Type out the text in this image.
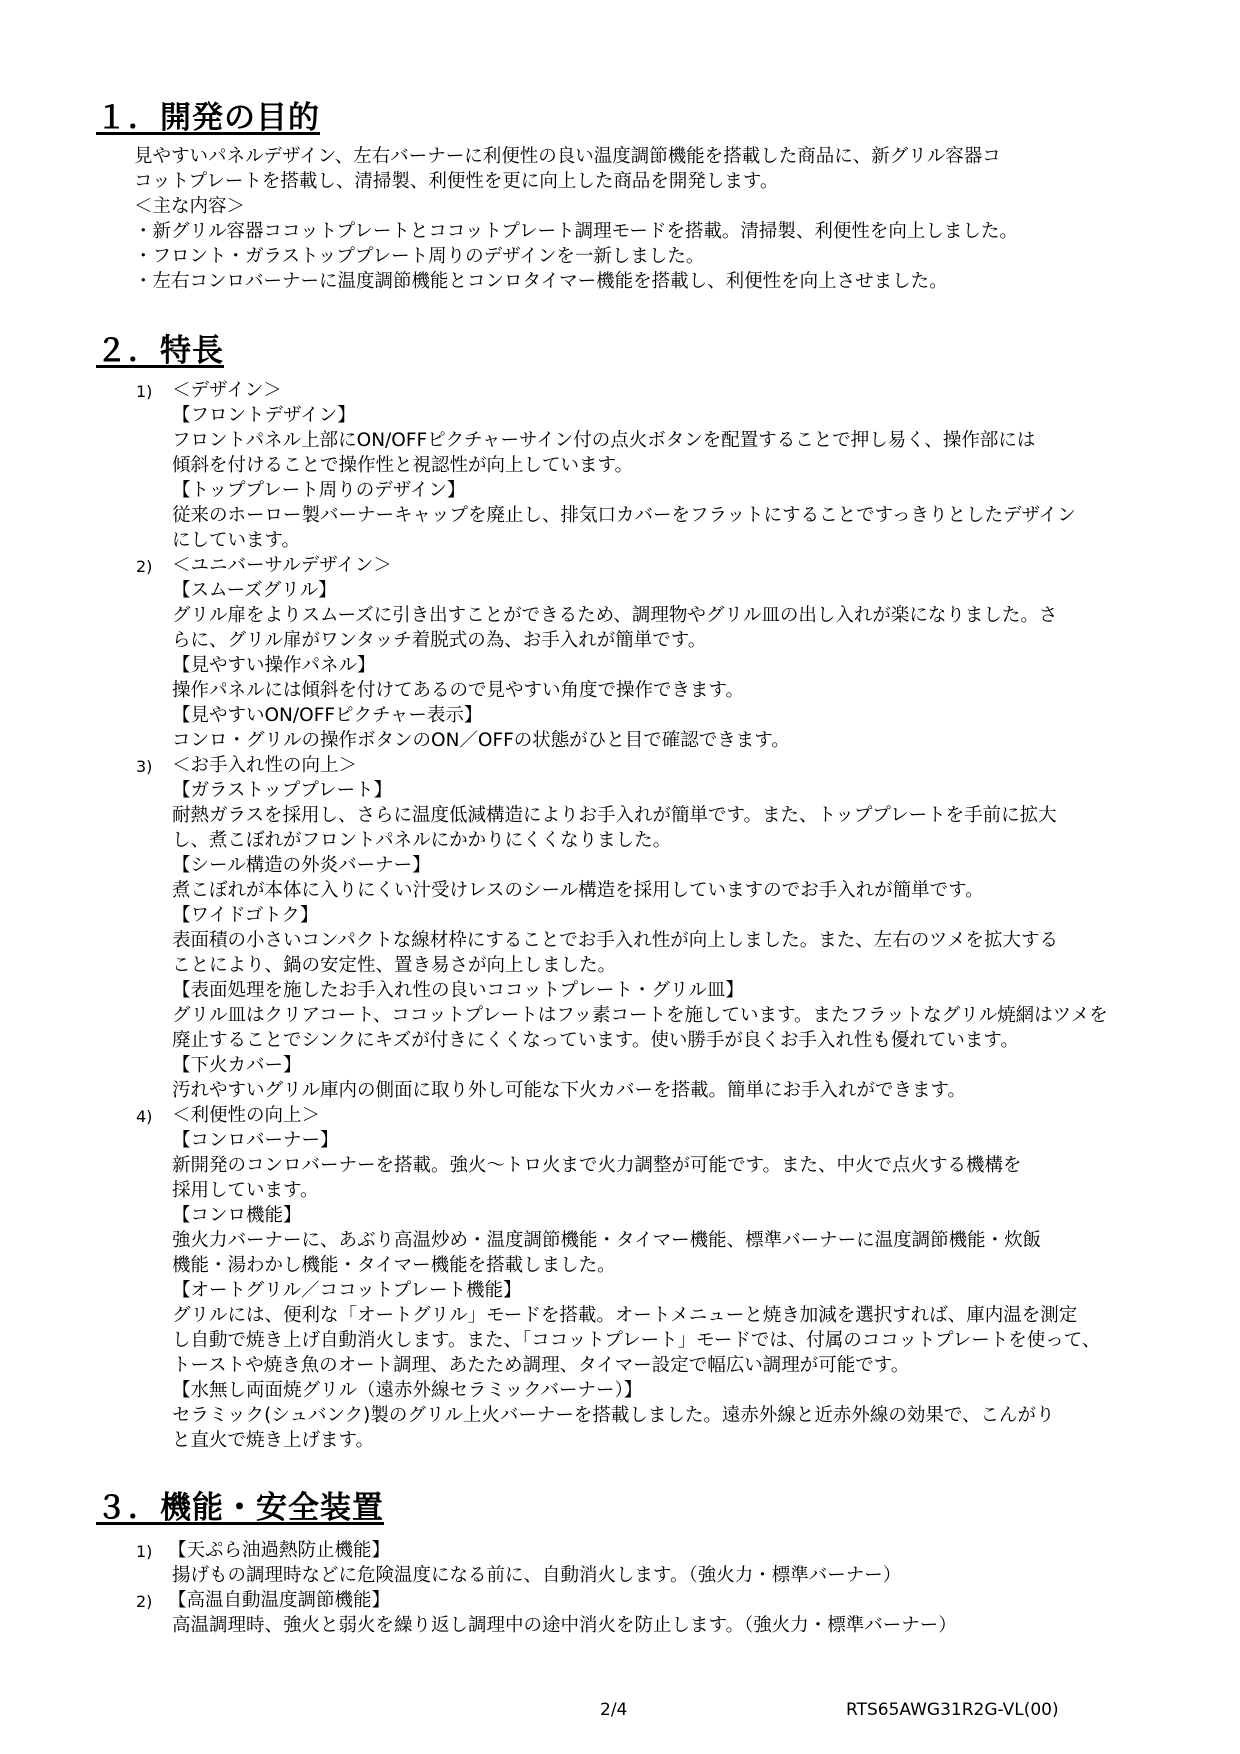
１．開発の目的
見やすいパネルデザイン、左右バーナーに利便性の良い温度調節機能を搭載した商品に、新グリル容器コ
コットプレートを搭載し、清掃製、利便性を更に向上した商品を開発します。
＜主な内容＞
・新グリル容器ココットプレートとココットプレート調理モードを搭載。清掃製、利便性を向上しました。
・フロント・ガラストッププレート周りのデザインを一新しました。
・左右コンロバーナーに温度調節機能とコンロタイマー機能を搭載し、利便性を向上させました。
２．特長
1) ＜デザイン＞
【フロントデザイン】
フロントパネル上部にON/OFFピクチャーサイン付の点火ボタンを配置することで押し易く、操作部には
傾斜を付けることで操作性と視認性が向上しています。
【トッププレート周りのデザイン】
従来のホーロー製バーナーキャップを廃止し、排気口カバーをフラットにすることですっきりとしたデザイン
にしています。
2) ＜ユニバーサルデザイン＞
【スムーズグリル】
グリル扉をよりスムーズに引き出すことができるため、調理物やグリル皿の出し入れが楽になりました。さ
らに、グリル扉がワンタッチ着脱式の為、お手入れが簡単です。
【見やすい操作パネル】
操作パネルには傾斜を付けてあるので見やすい角度で操作できます。
【見やすいON/OFFピクチャー表示】
コンロ・グリルの操作ボタンのON／OFFの状態がひと目で確認できます。
3) ＜お手入れ性の向上＞
【ガラストッププレート】
耐熱ガラスを採用し、さらに温度低減構造によりお手入れが簡単です。また、トッププレートを手前に拡大
し、煮こぼれがフロントパネルにかかりにくくなりました。
【シール構造の外炎バーナー】
煮こぼれが本体に入りにくい汁受けレスのシール構造を採用していますのでお手入れが簡単です。
【ワイドゴトク】
表面積の小さいコンパクトな線材枠にすることでお手入れ性が向上しました。また、左右のツメを拡大する
ことにより、鍋の安定性、置き易さが向上しました。
【表面処理を施したお手入れ性の良いココットプレート・グリル皿】
グリル皿はクリアコート、ココットプレートはフッ素コートを施しています。またフラットなグリル焼網はツメを
廃止することでシンクにキズが付きにくくなっています。使い勝手が良くお手入れ性も優れています。
【下火カバー】
汚れやすいグリル庫内の側面に取り外し可能な下火カバーを搭載。簡単にお手入れができます。
4) ＜利便性の向上＞
【コンロバーナー】
新開発のコンロバーナーを搭載。強火～トロ火まで火力調整が可能です。また、中火で点火する機構を
採用しています。
【コンロ機能】
強火力バーナーに、あぶり高温炒め・温度調節機能・タイマー機能、標準バーナーに温度調節機能・炊飯
機能・湯わかし機能・タイマー機能を搭載しました。
【オートグリル／ココットプレート機能】
グリルには、便利な「オートグリル」モードを搭載。オートメニューと焼き加減を選択すれば、庫内温を測定
し自動で焼き上げ自動消火します。また、「ココットプレート」モードでは、付属のココットプレートを使って、
トーストや焼き魚のオート調理、あたため調理、タイマー設定で幅広い調理が可能です。
【水無し両面焼グリル（遠赤外線セラミックバーナー）】
セラミック(シュバンク)製のグリル上火バーナーを搭載しました。遠赤外線と近赤外線の効果で、こんがり
と直火で焼き上げます。
３．機能・安全装置
1) 【天ぷら油過熱防止機能】
揚げもの調理時などに危険温度になる前に、自動消火します。（強火力・標準バーナー）
2) 【高温自動温度調節機能】
高温調理時、強火と弱火を繰り返し調理中の途中消火を防止します。（強火力・標準バーナー）
2/4	RTS65AWG31R2G-VL(00)
